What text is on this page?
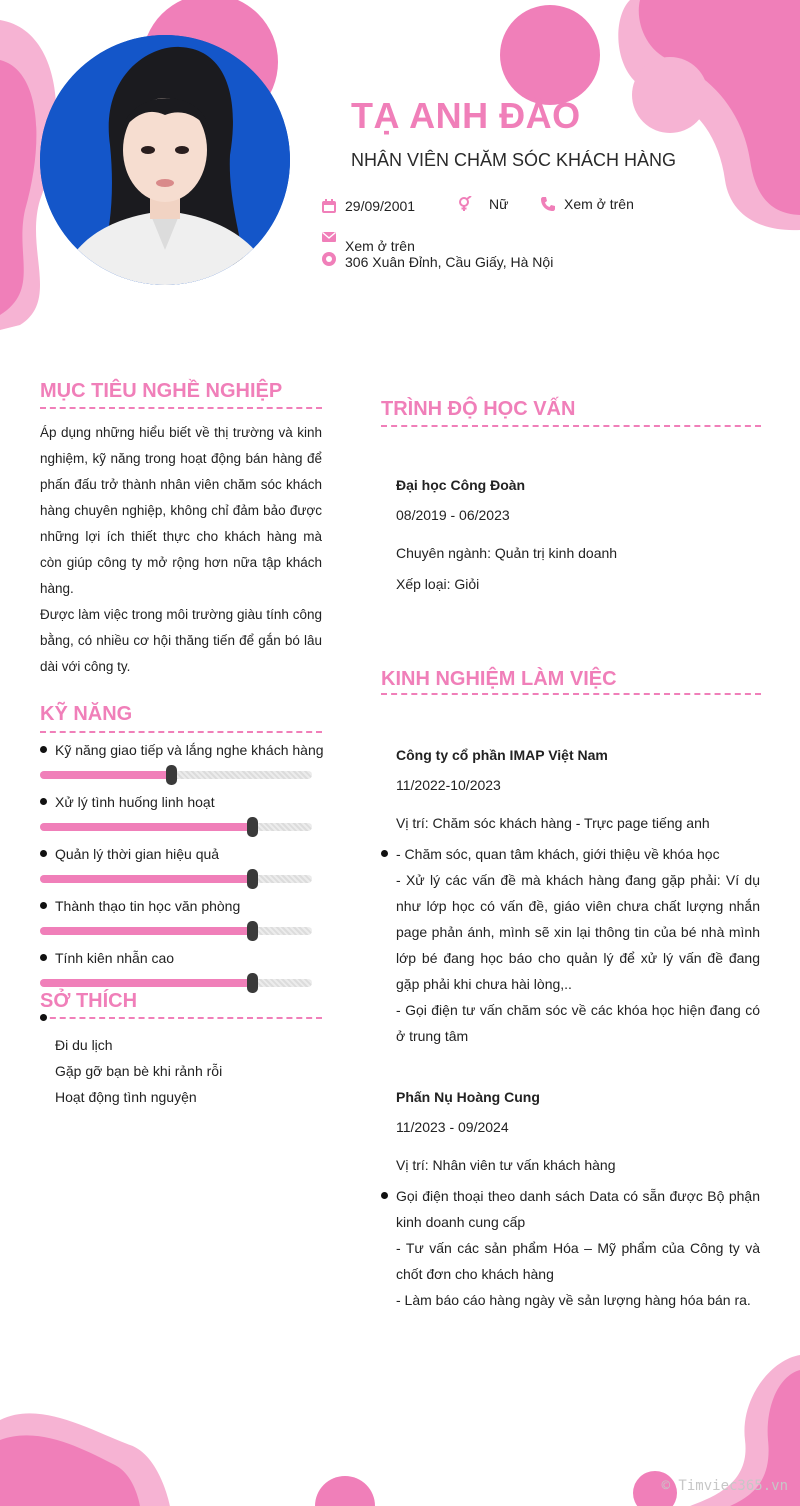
TẠ ANH ĐÀO
NHÂN VIÊN CHĂM SÓC KHÁCH HÀNG
29/09/2001	Nữ	Xem ở trên
Xem ở trên
306 Xuân Đỉnh, Cầu Giấy, Hà Nội
MỤC TIÊU NGHỀ NGHIỆP

Áp dụng những hiểu biết về thị trường và kinh nghiệm, kỹ năng trong hoạt động bán hàng để phấn đấu trở thành nhân viên chăm sóc khách hàng chuyên nghiệp, không chỉ đảm bảo được những lợi ích thiết thực cho khách hàng mà còn giúp công ty mở rộng hơn nữa tập khách hàng.

Được làm việc trong môi trường giàu tính công bằng, có nhiều cơ hội thăng tiến để gắn bó lâu dài với công ty.

KỸ NĂNG
Kỹ năng giao tiếp và lắng nghe khách hàng
Xử lý tình huống linh hoạt
Quản lý thời gian hiệu quả
Thành thạo tin học văn phòng
Tính kiên nhẫn cao
SỞ THÍCH
Đi du lịch
Gặp gỡ bạn bè khi rảnh rỗi
Hoạt động tình nguyện
TRÌNH ĐỘ HỌC VẤN
Đại học Công Đoàn
08/2019 - 06/2023
Chuyên ngành: Quản trị kinh doanh
Xếp loại: Giỏi
KINH NGHIỆM LÀM VIỆC
Công ty cổ phần IMAP Việt Nam
11/2022-10/2023
Vị trí: Chăm sóc khách hàng - Trực page tiếng anh
- Chăm sóc, quan tâm khách, giới thiệu về khóa học
- Xử lý các vấn đề mà khách hàng đang gặp phải: Ví dụ như lớp học có vấn đề, giáo viên chưa chất lượng nhắn page phản ánh, mình sẽ xin lại thông tin của bé nhà mình lớp bé đang học báo cho quản lý để xử lý vấn đề đang gặp phải khi chưa hài lòng,..
- Gọi điện tư vấn chăm sóc về các khóa học hiện đang có ở trung tâm
Phấn Nụ Hoàng Cung
11/2023 - 09/2024
Vị trí: Nhân viên tư vấn khách hàng
Gọi điện thoại theo danh sách Data có sẵn được Bộ phận kinh doanh cung cấp
- Tư vấn các sản phẩm Hóa – Mỹ phẩm của Công ty và chốt đơn cho khách hàng
- Làm báo cáo hàng ngày về sản lượng hàng hóa bán ra.
© Timviec365.vn
